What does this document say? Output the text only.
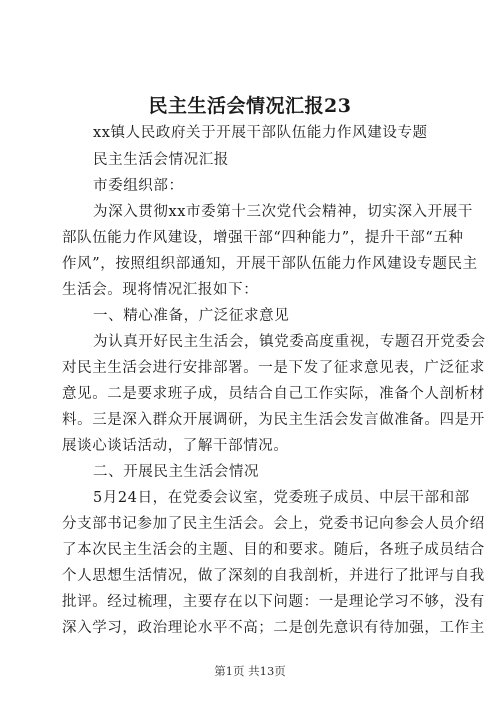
民主生活会情况汇报23
xx镇人民政府关于开展干部队伍能力作风建设专题
民主生活会情况汇报
市委组织部：
为深入贯彻xx市委第十三次党代会精神，切实深入开展干
部队伍能力作风建设，增强干部“四种能力”，提升干部“五种
作风”，按照组织部通知，开展干部队伍能力作风建设专题民主
生活会。现将情况汇报如下：
一、精心准备，广泛征求意见
为认真开好民主生活会，镇党委高度重视，专题召开党委会
对民主生活会进行安排部署。一是下发了征求意见表，广泛征求
意见。二是要求班子成，员结合自己工作实际，准备个人剖析材
料。三是深入群众开展调研，为民主生活会发言做准备。四是开
展谈心谈话活动，了解干部情况。
二、开展民主生活会情况
5月24日，在党委会议室，党委班子成员、中层干部和部
分支部书记参加了民主生活会。会上，党委书记向参会人员介绍
了本次民主生活会的主题、目的和要求。随后，各班子成员结合
个人思想生活情况，做了深刻的自我剖析，并进行了批评与自我
批评。经过梳理，主要存在以下问题：一是理论学习不够，没有
深入学习，政治理论水平不高；二是创先意识有待加强，工作主
第1页 共13页
